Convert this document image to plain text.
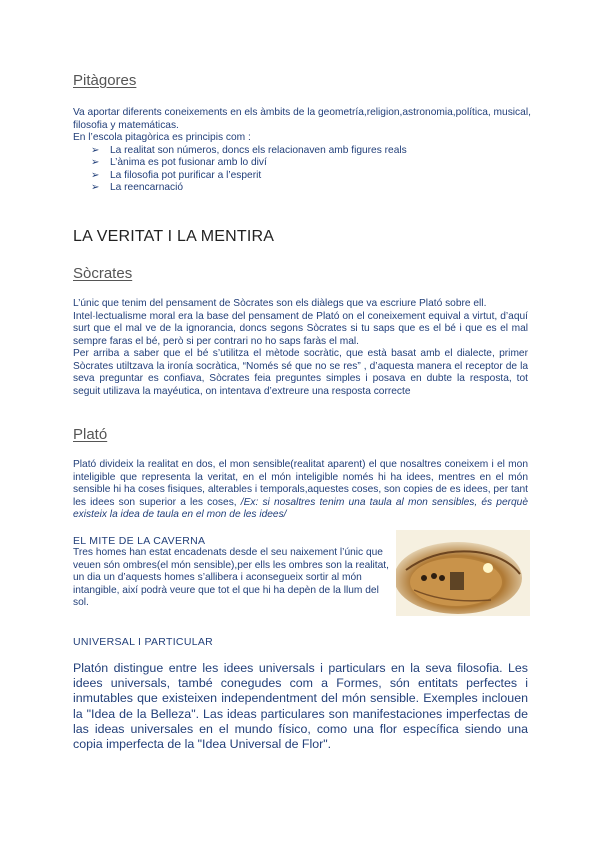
Pitàgores
Va aportar diferents coneixements en els àmbits de la geometría,religion,astronomia,política, musical, filosofia y matemáticas.
En l’escola pitagòrica es principis com :
➢ La realitat son números, doncs els relacionaven amb figures reals
➢ L’ànima es pot fusionar amb lo diví
➢ La filosofia pot purificar a l’esperit
➢ La reencarnació
LA VERITAT I LA MENTIRA
Sòcrates
L’únic que tenim del pensament de Sòcrates son els diàlegs que va escriure Plató sobre ell.
Intel·lectualisme moral era la base del pensament de Plató on el coneixement equival a virtut, d’aquí surt que el mal ve de la ignorancia, doncs segons Sòcrates si tu saps que es el bé i que es el mal sempre faras el bé, però si per contrari no ho saps faràs el mal.
Per arriba a saber que el bé s’utilitza el mètode socràtic, que està basat amb el dialecte, primer Sòcrates utiltzava la ironía socràtica, “Només sé que no se res” , d’aquesta manera el receptor de la seva preguntar es confiava, Sòcrates feia preguntes simples i posava en dubte la resposta, tot seguit utilizava la mayéutica, on intentava d’extreure una resposta correcte
Plató
Plató divideix la realitat en dos, el mon sensible(realitat aparent) el que nosaltres coneixem i el mon inteligible que representa la veritat, en el món inteligible només hi ha idees, mentres en el món sensible hi ha coses fisiques, alterables i temporals,aquestes coses, son copies de es idees, per tant les idees son superior a les coses, /Ex: si nosaltres tenim una taula al mon sensibles, és perquè existeix la idea de taula en el mon de les idees/
EL MITE DE LA CAVERNA
Tres homes han estat encadenats desde el seu naixement l’únic que veuen són ombres(el món sensible),per ells les ombres son la realitat, un dia un d’aquests homes s’allibera i aconsegueix sortir al món intangible, així podrà veure que tot el que hi ha depèn de la llum del sol.
UNIVERSAL I PARTICULAR
Platón distingue entre les idees universals i particulars en la seva filosofia. Les idees universals, també conegudes com a Formes, són entitats perfectes i inmutables que existeixen independentment del món sensible. Exemples inclouen la "Idea de la Belleza". Las ideas particulares son manifestaciones imperfectas de las ideas universales en el mundo físico, como una flor específica siendo una copia imperfecta de la "Idea Universal de Flor".
